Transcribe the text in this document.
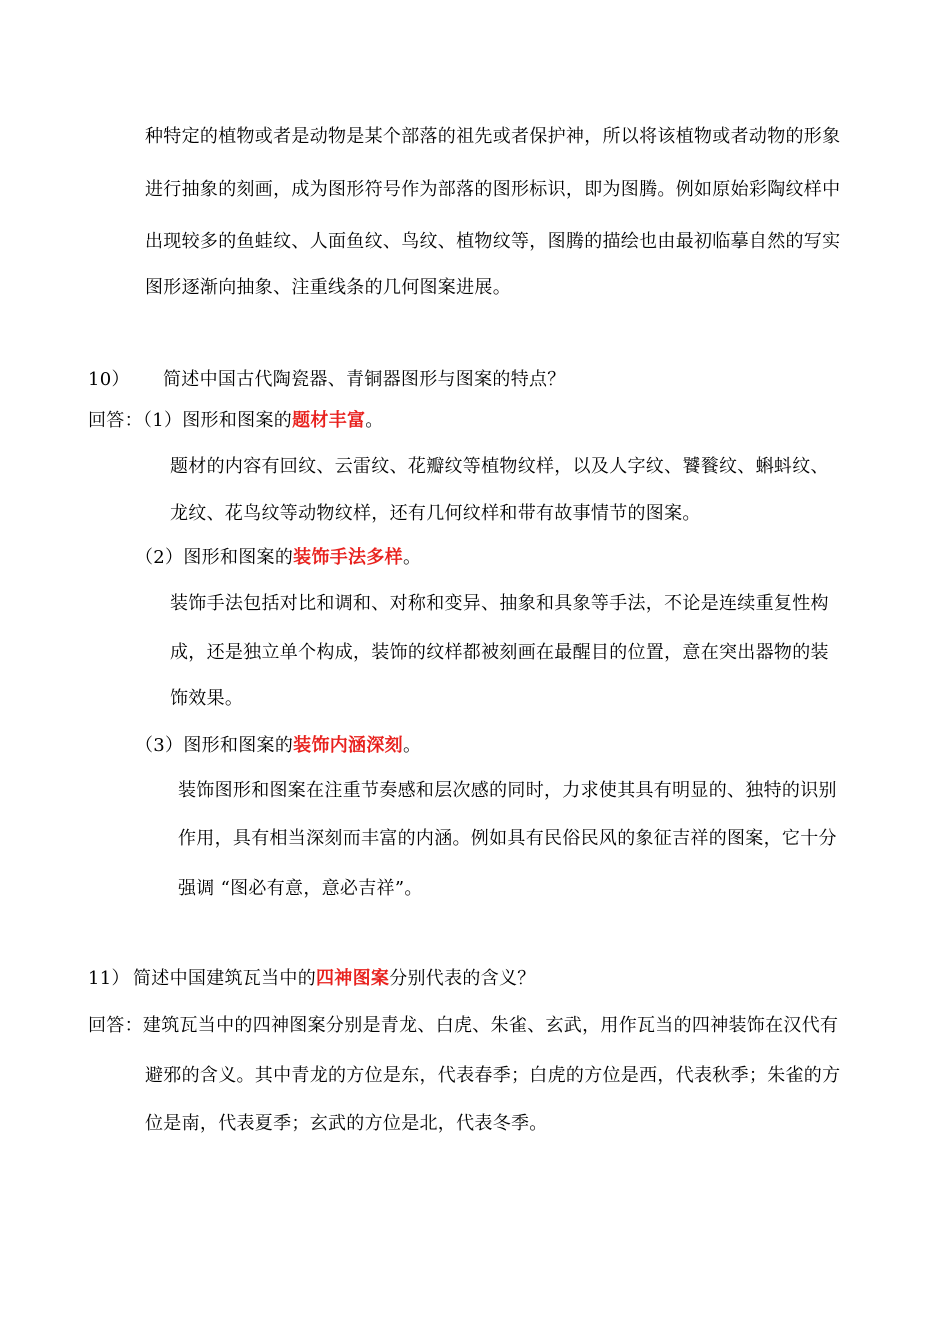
种特定的植物或者是动物是某个部落的祖先或者保护神，所以将该植物或者动物的形象
进行抽象的刻画，成为图形符号作为部落的图形标识，即为图腾。例如原始彩陶纹样中
出现较多的鱼蛙纹、人面鱼纹、鸟纹、植物纹等，图腾的描绘也由最初临摹自然的写实
图形逐渐向抽象、注重线条的几何图案进展。
10） 简述中国古代陶瓷器、青铜器图形与图案的特点？
回答：（1）图形和图案的题材丰富。
题材的内容有回纹、云雷纹、花瓣纹等植物纹样，以及人字纹、饕餮纹、蝌蚪纹、
龙纹、花鸟纹等动物纹样，还有几何纹样和带有故事情节的图案。
（2）图形和图案的装饰手法多样。
装饰手法包括对比和调和、对称和变异、抽象和具象等手法，不论是连续重复性构
成，还是独立单个构成，装饰的纹样都被刻画在最醒目的位置，意在突出器物的装
饰效果。
（3）图形和图案的装饰内涵深刻。
装饰图形和图案在注重节奏感和层次感的同时，力求使其具有明显的、独特的识别
作用，具有相当深刻而丰富的内涵。例如具有民俗民风的象征吉祥的图案，它十分
强调 “图必有意，意必吉祥”。
11） 简述中国建筑瓦当中的四神图案分别代表的含义？
回答：建筑瓦当中的四神图案分别是青龙、白虎、朱雀、玄武，用作瓦当的四神装饰在汉代有
避邪的含义。其中青龙的方位是东，代表春季；白虎的方位是西，代表秋季；朱雀的方
位是南，代表夏季；玄武的方位是北，代表冬季。
